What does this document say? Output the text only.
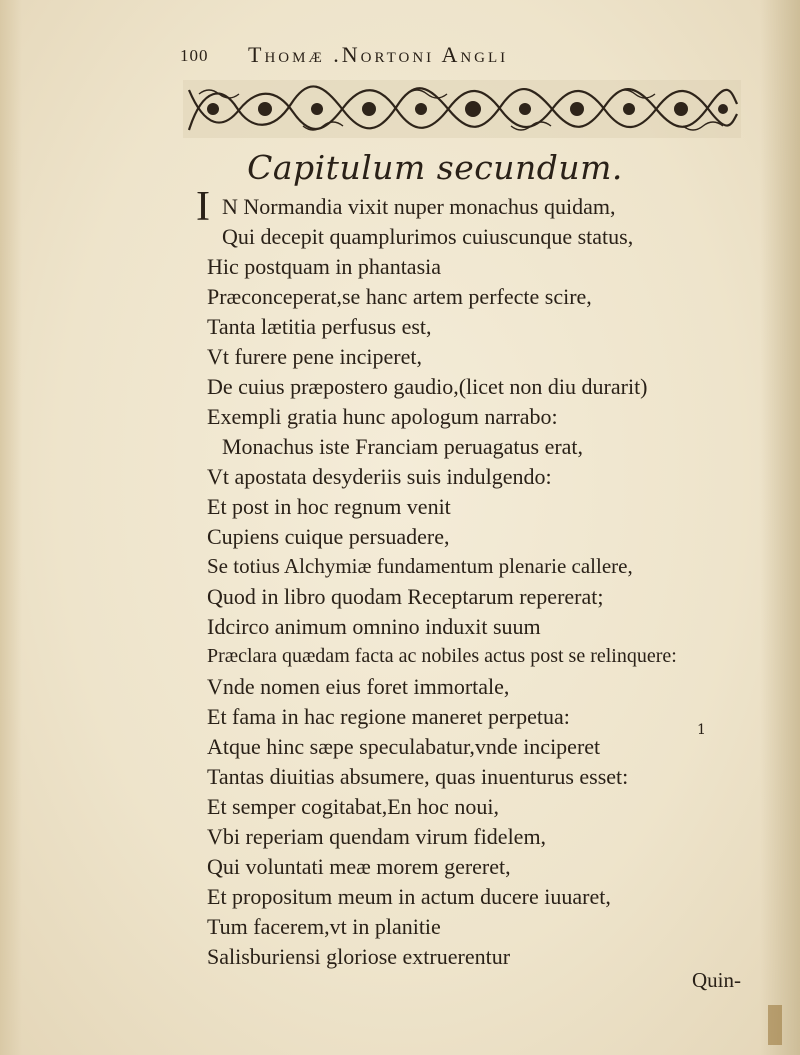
100 Thomæ .Nortoni Angli
Capitulum secundum.
I N Normandia vixit nuper monachus quidam,
Qui decepit quamplurimos cuiuscunque status,
Hic postquam in phantasia
Præconceperat,se hanc artem perfecte scire,
Tanta lætitia perfusus est,
Vt furere pene inciperet,
De cuius præpostero gaudio,(licet non diu durarit)
Exempli gratia hunc apologum narrabo:
Monachus iste Franciam peruagatus erat,
Vt apostata desyderiis suis indulgendo:
Et post in hoc regnum venit
Cupiens cuique persuadere,
Se totius Alchymiæ fundamentum plenarie callere,
Quod in libro quodam Receptarum repererat;
Idcirco animum omnino induxit suum
Præclara quædam facta ac nobiles actus post se relinquere:
Vnde nomen eius foret immortale,
Et fama in hac regione maneret perpetua:
Atque hinc sæpe speculabatur,vnde inciperet
Tantas diuitias absumere, quas inuenturus esset:
Et semper cogitabat,En hoc noui,
Vbi reperiam quendam virum fidelem,
Qui voluntati meæ morem gereret,
Et propositum meum in actum ducere iuuaret,
Tum facerem,vt in planitie
Salisburiensi gloriose extruerentur
1
Quin-
